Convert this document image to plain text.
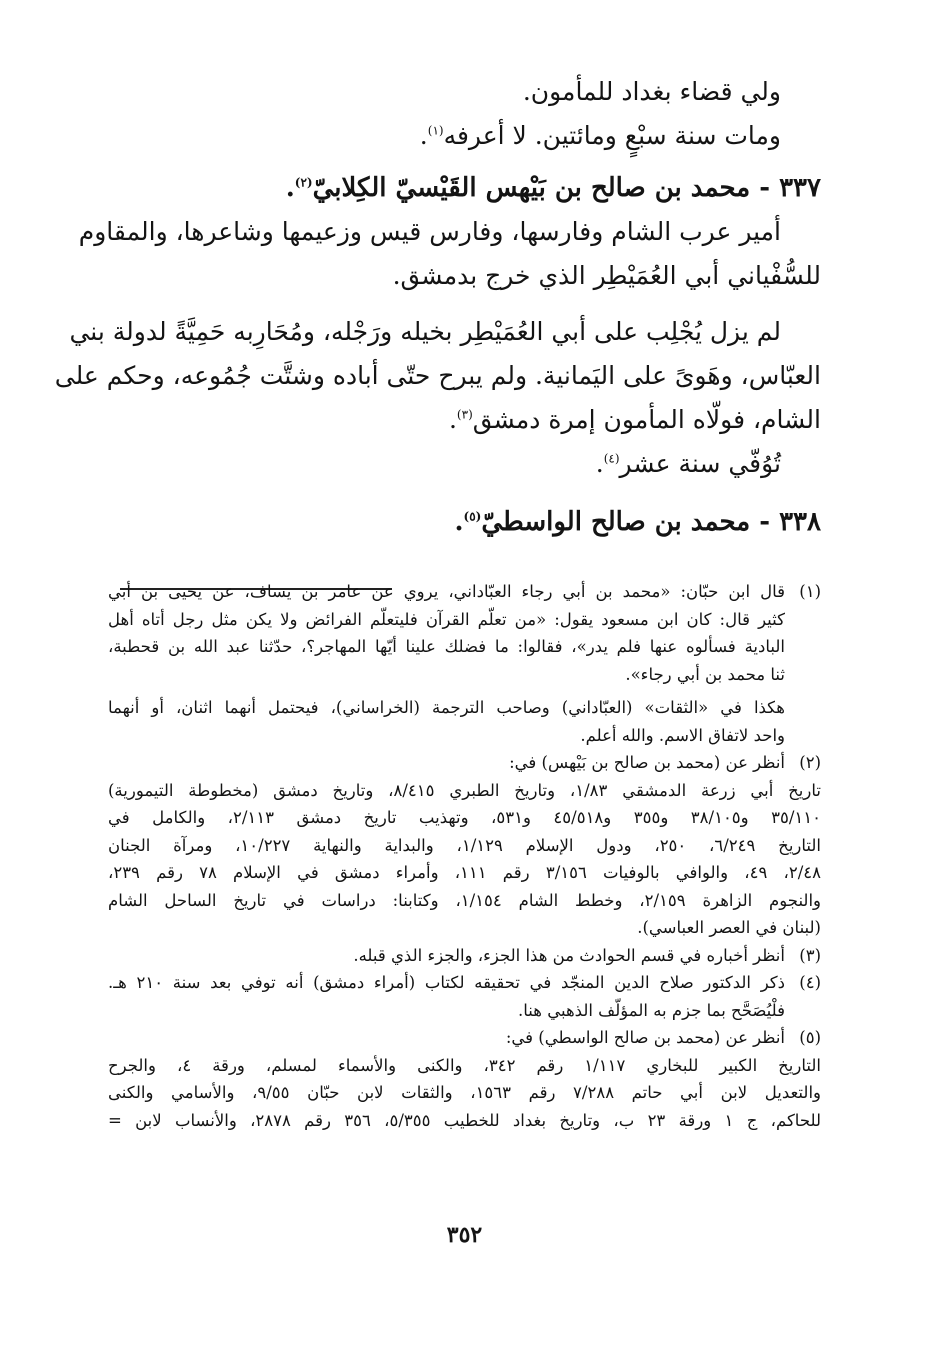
ولي قضاء بغداد للمأمون.
ومات سنة سبْعٍ ومائتين. لا أعرفه$^{(١)}$.
٣٣٧ - محمد بن صالح بن بَيْهس القَيْسيّ الكِلابيّ$^{(٢)}$.
أمير عرب الشام وفارسها، وفارس قيس وزعيمها وشاعرها، والمقاوم
للسُّفْياني أبي العُمَيْطِر الذي خرج بدمشق.
لم يزل يُجْلِب على أبي العُمَيْطِر بخيله ورَجْله، ومُحَارِبه حَمِيَّةً لدولة بني
العبّاس، وهَوىً على اليَمانية. ولم يبرح حتّى أباده وشتَّت جُمُوعه، وحكم على
الشام، فولّاه المأمون إمرة دمشق$^{(٣)}$.
تُوُفّي سنة عشر$^{(٤)}$.
٣٣٨ - محمد بن صالح الواسطيّ$^{(٥)}$.
(١)
قال ابن حبّان: «محمد بن أبي رجاء العبّاداني، يروي عن عامر بن يساف، عن يحيى بن أبي
كثير قال: كان ابن مسعود يقول: «من تعلّم القرآن فليتعلّم الفرائض ولا يكن مثل رجل أتاه أهل
البادية فسألوه عنها فلم يدر»، فقالوا: ما فضلك علينا أيّها المهاجر؟، حدّثنا عبد الله بن قحطبة،
ثنا محمد بن أبي رجاء».
هكذا في «الثقات» (العبّاداني) وصاحب الترجمة (الخراساني)، فيحتمل أنهما اثنان، أو أنهما
واحد لاتفاق الاسم. والله أعلم.
(٢)
أنظر عن (محمد بن صالح بن بَيْهس) في:
تاريخ أبي زرعة الدمشقي ١/٨٣، وتاريخ الطبري ٨/٤١٥، وتاريخ دمشق (مخطوطة التيمورية)
٣٥/١١٠ و٣٨/١٠٥ و٣٥٥ و٤٥/٥١٨ و٥٣١، وتهذيب تاريخ دمشق ٢/١١٣، والكامل في
التاريخ ٦/٢٤٩، ٢٥٠، ودول الإسلام ١/١٢٩، والبداية والنهاية ١٠/٢٢٧، ومرآة الجنان
٢/٤٨، ٤٩، والوافي بالوفيات ٣/١٥٦ رقم ١١١، وأمراء دمشق في الإسلام ٧٨ رقم ٢٣٩،
والنجوم الزاهرة ٢/١٥٩، وخطط الشام ١/١٥٤، وكتابنا: دراسات في تاريخ الساحل الشام
(لبنان في العصر العباسي).
(٣)
أنظر أخباره في قسم الحوادث من هذا الجزء، والجزء الذي قبله.
(٤)
ذكر الدكتور صلاح الدين المنجّد في تحقيقه لكتاب (أمراء دمشق) أنه توفي بعد سنة ٢١٠ هـ.
فلْيُصَحَّح بما جزم به المؤلّف الذهبي هنا.
(٥)
أنظر عن (محمد بن صالح الواسطي) في:
التاريخ الكبير للبخاري ١/١١٧ رقم ٣٤٢، والكنى والأسماء لمسلم، ورقة ٤، والجرح
والتعديل لابن أبي حاتم ٧/٢٨٨ رقم ١٥٦٣، والثقات لابن حبّان ٩/٥٥، والأسامي والكنى
للحاكم، ج ١ ورقة ٢٣ ب، وتاريخ بغداد للخطيب ٥/٣٥٥، ٣٥٦ رقم ٢٨٧٨، والأنساب لابن =
٣٥٢
